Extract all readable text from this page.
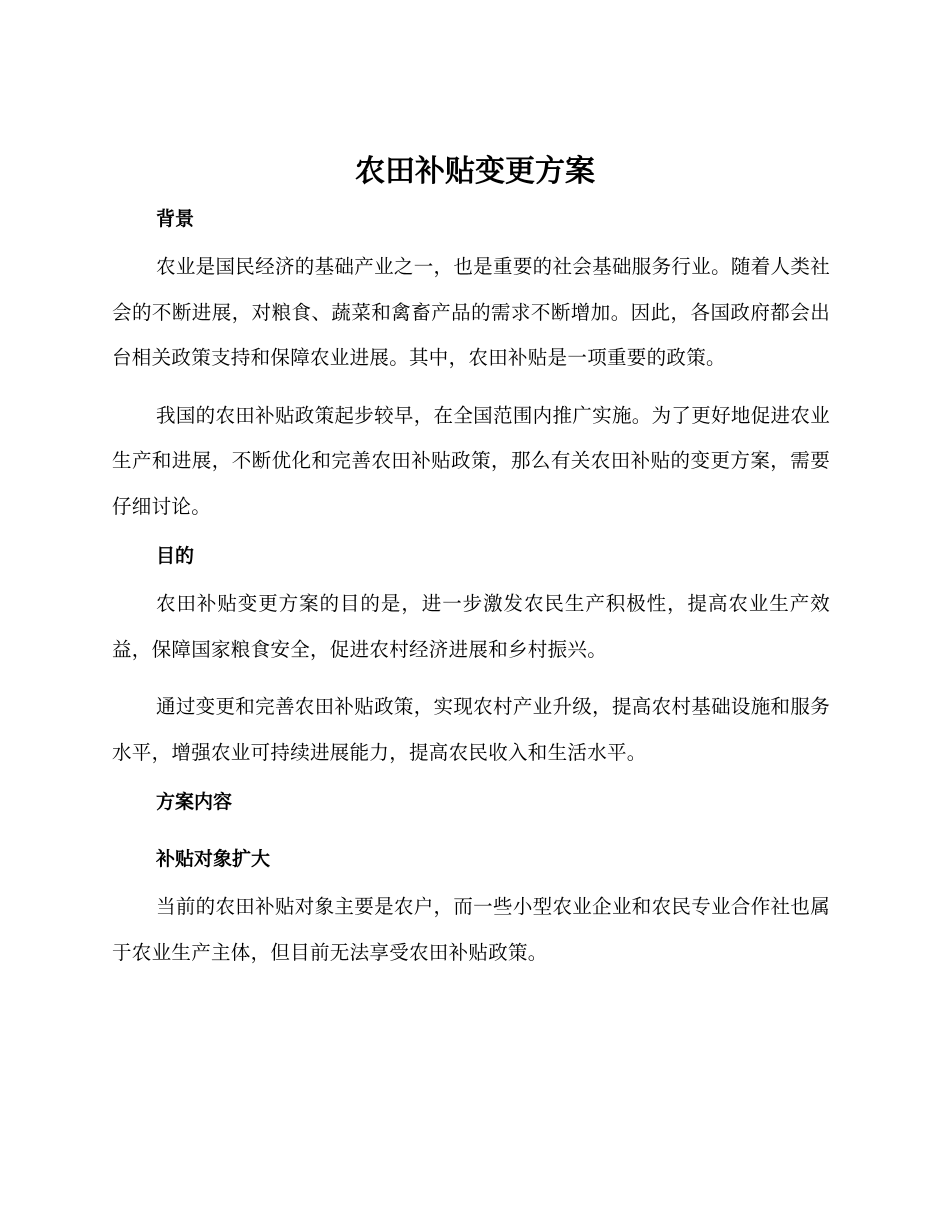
农田补贴变更方案
背景

农业是国民经济的基础产业之一，也是重要的社会基础服务行业。随着人类社会的不断进展，对粮食、蔬菜和禽畜产品的需求不断增加。因此，各国政府都会出台相关政策支持和保障农业进展。其中，农田补贴是一项重要的政策。

我国的农田补贴政策起步较早，在全国范围内推广实施。为了更好地促进农业生产和进展，不断优化和完善农田补贴政策，那么有关农田补贴的变更方案，需要仔细讨论。

目的

农田补贴变更方案的目的是，进一步激发农民生产积极性，提高农业生产效益，保障国家粮食安全，促进农村经济进展和乡村振兴。

通过变更和完善农田补贴政策，实现农村产业升级，提高农村基础设施和服务水平，增强农业可持续进展能力，提高农民收入和生活水平。

方案内容
补贴对象扩大

当前的农田补贴对象主要是农户，而一些小型农业企业和农民专业合作社也属于农业生产主体，但目前无法享受农田补贴政策。
